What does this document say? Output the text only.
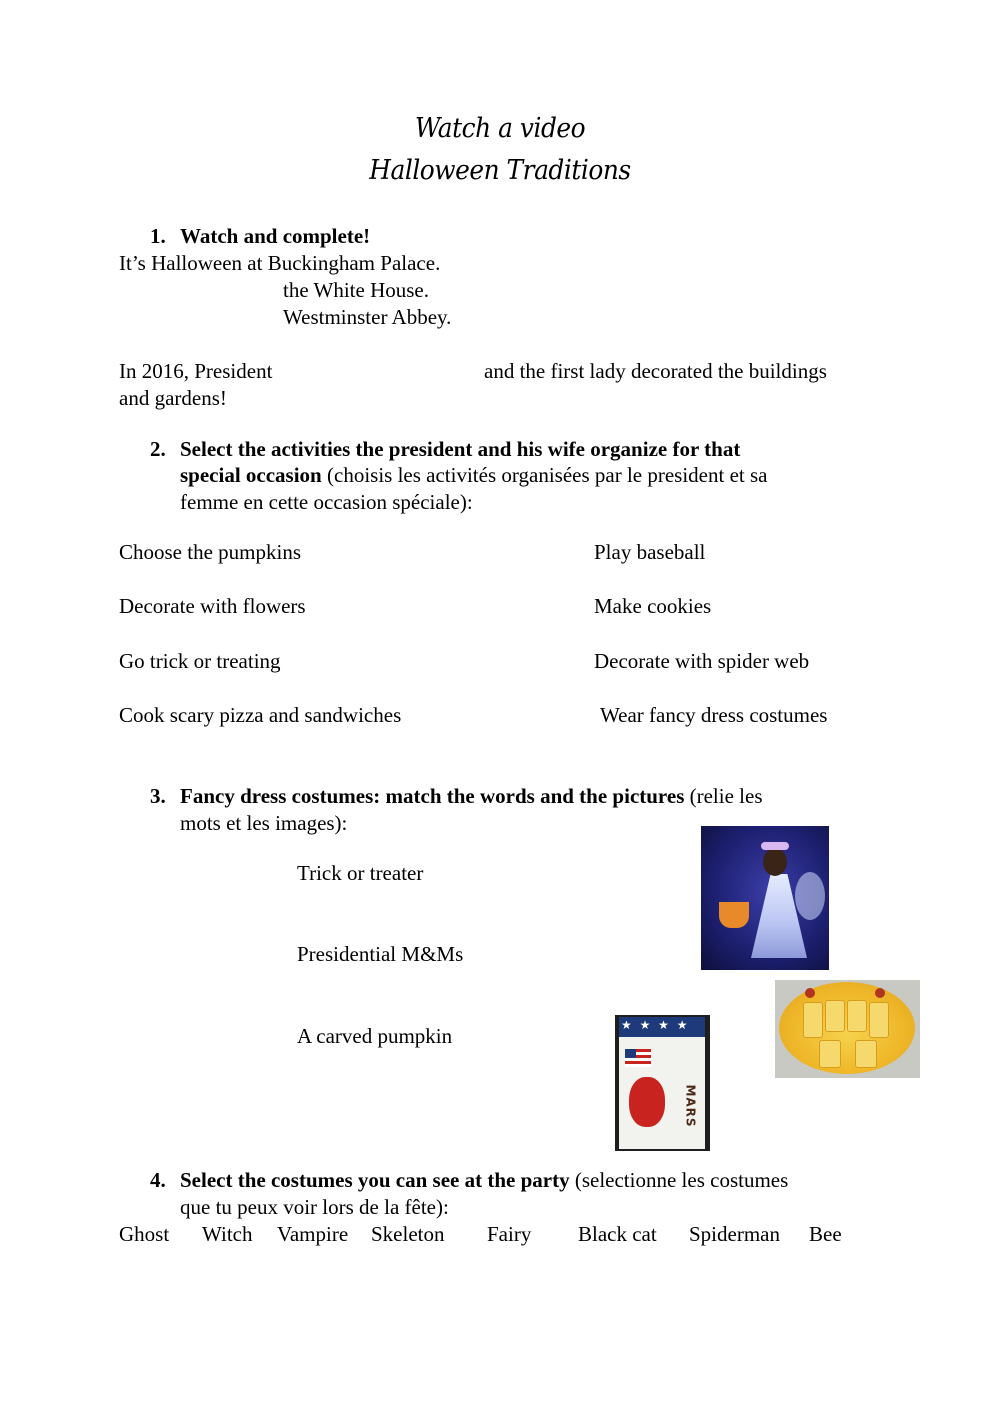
Watch a video
Halloween Traditions
1. Watch and complete!
It’s Halloween at Buckingham Palace.
the White House.
Westminster Abbey.
In 2016, President	and the first lady decorated the buildings
and gardens!
2. Select the activities the president and his wife organize for that
special occasion (choisis les activités organisées par le president et sa
femme en cette occasion spéciale):
Choose the pumpkins
Decorate with flowers
Go trick or treating
Cook scary pizza and sandwiches
Play baseball
Make cookies
Decorate with spider web
Wear fancy dress costumes
3. Fancy dress costumes: match the words and the pictures (relie les
mots et les images):
Trick or treater
Presidential M&Ms
A carved pumpkin	★ ★ ★ ★
MARS
4. Select the costumes you can see at the party (selectionne les costumes
que tu peux voir lors de la fête):
Ghost Witch Vampire Skeleton Fairy Black cat Spiderman Bee
